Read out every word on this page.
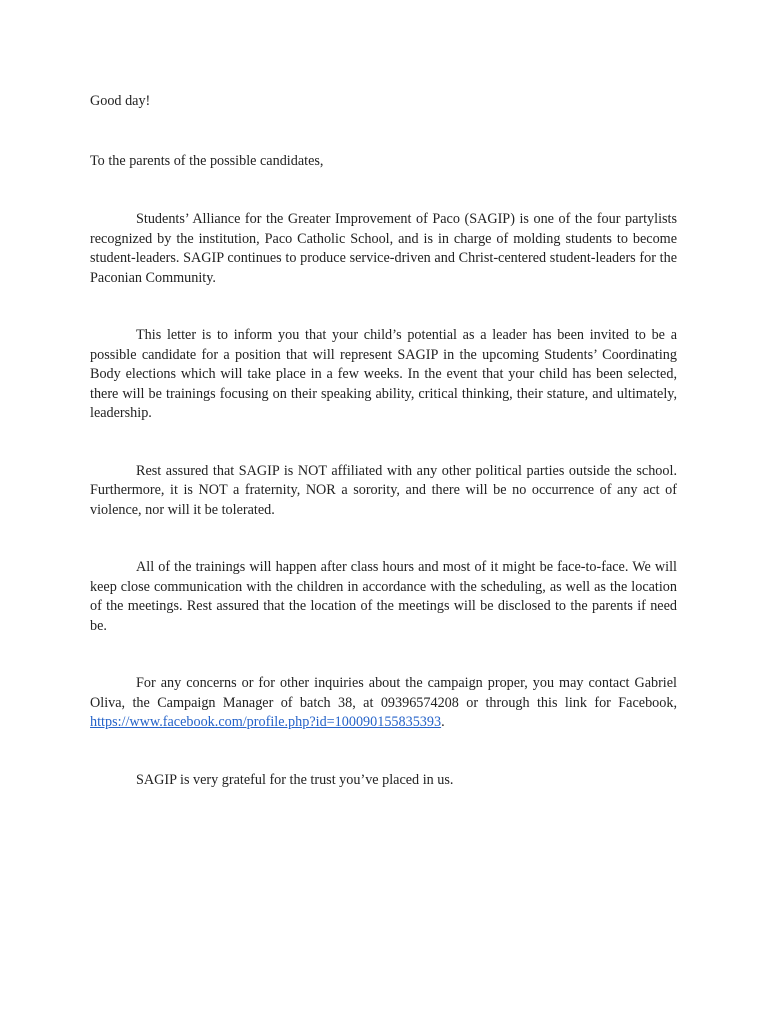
Good day!

To the parents of the possible candidates,

Students’ Alliance for the Greater Improvement of Paco (SAGIP) is one of the four partylists recognized by the institution, Paco Catholic School, and is in charge of molding students to become student-leaders. SAGIP continues to produce service-driven and Christ-centered student-leaders for the Paconian Community.

This letter is to inform you that your child’s potential as a leader has been invited to be a possible candidate for a position that will represent SAGIP in the upcoming Students’ Coordinating Body elections which will take place in a few weeks. In the event that your child has been selected, there will be trainings focusing on their speaking ability, critical thinking, their stature, and ultimately, leadership.

Rest assured that SAGIP is NOT affiliated with any other political parties outside the school. Furthermore, it is NOT a fraternity, NOR a sorority, and there will be no occurrence of any act of violence, nor will it be tolerated.

All of the trainings will happen after class hours and most of it might be face-to-face. We will keep close communication with the children in accordance with the scheduling, as well as the location of the meetings. Rest assured that the location of the meetings will be disclosed to the parents if need be.

For any concerns or for other inquiries about the campaign proper, you may contact Gabriel Oliva, the Campaign Manager of batch 38, at 09396574208 or through this link for Facebook, https://www.facebook.com/profile.php?id=100090155835393.

SAGIP is very grateful for the trust you’ve placed in us.
